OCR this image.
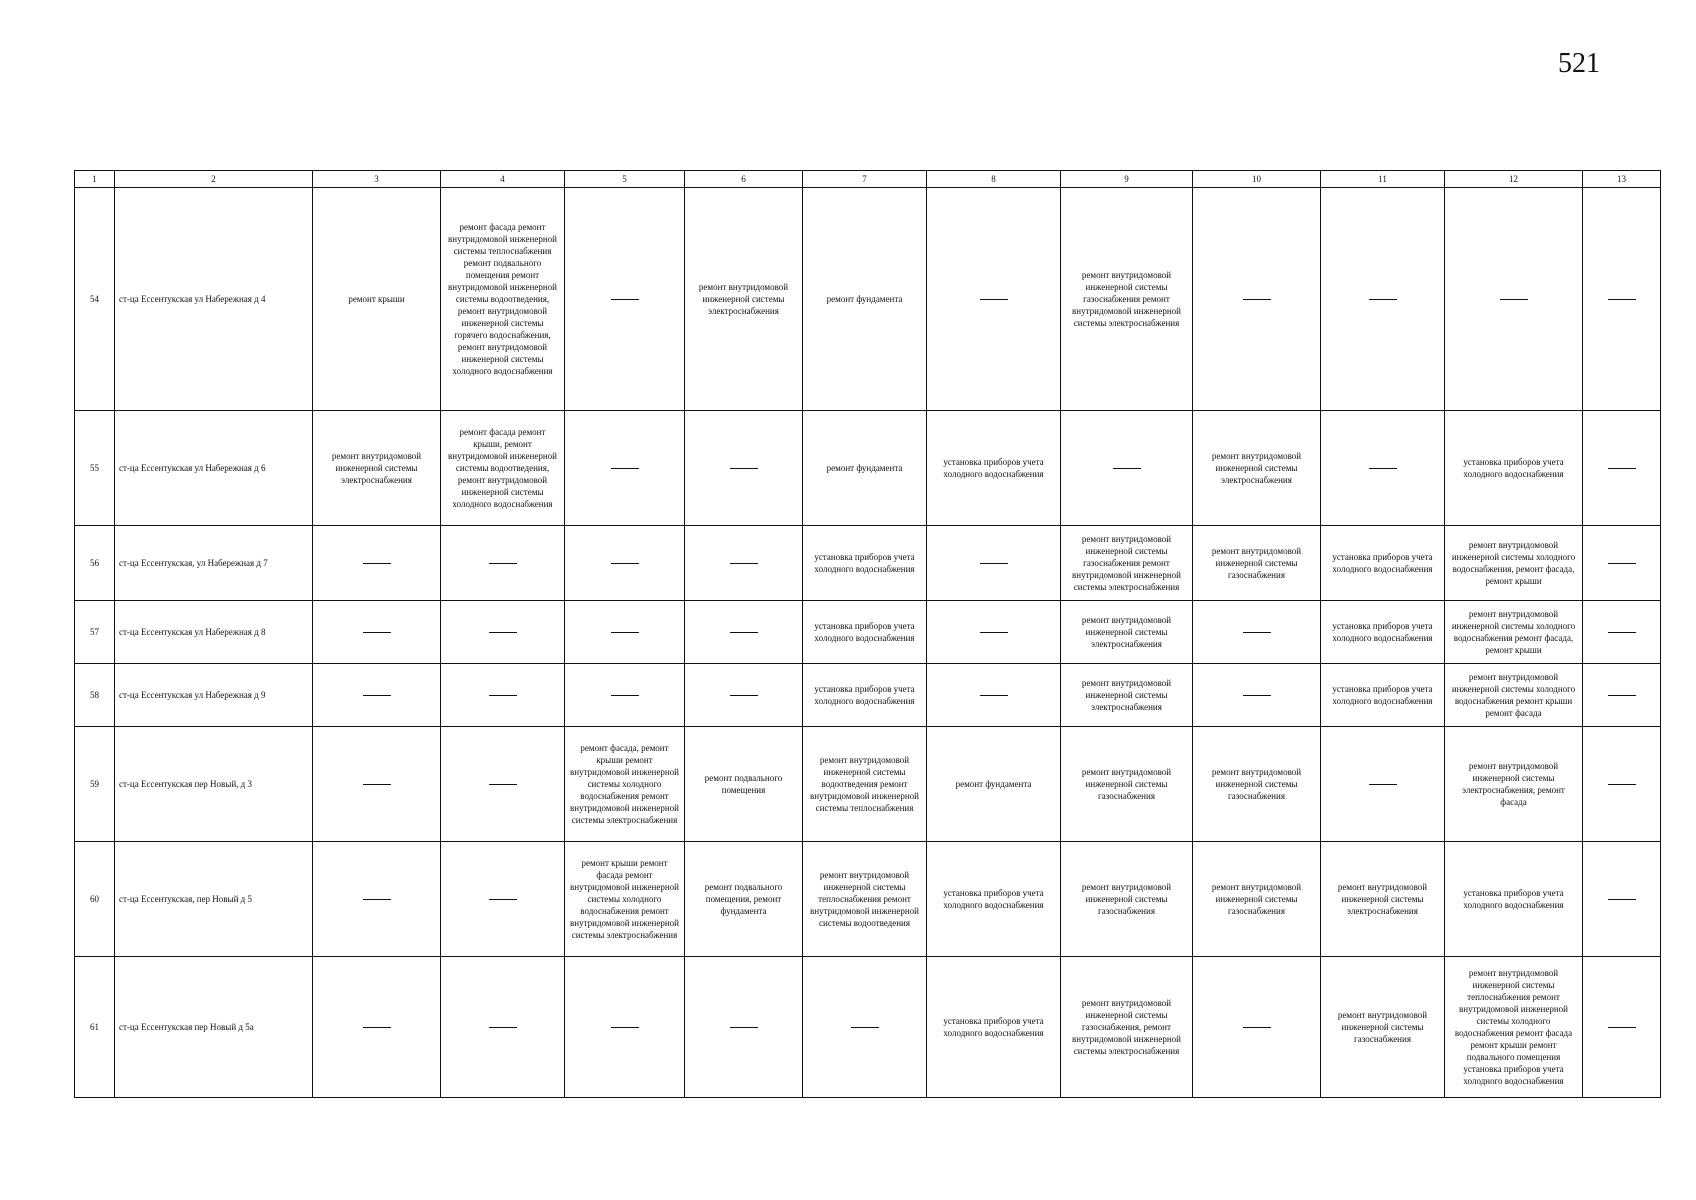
521
1	2	3	4	5	6	7	8	9	10	11	12	13
54	ст-ца Ессентукская ул Набережная д 4	ремонт крыши	ремонт фасада ремонт внутридомовой инженерной системы теплоснабжения ремонт подвального помещения ремонт внутридомовой инженерной системы водоотведения, ремонт внутридомовой инженерной системы горячего водоснабжения, ремонт внутридомовой инженерной системы холодного водоснабжения		ремонт внутридомовой инженерной системы электроснабжения	ремонт фундамента		ремонт внутридомовой инженерной системы газоснабжения ремонт внутридомовой инженерной системы электроснабжения				
55	ст-ца Ессентукская ул Набережная д 6	ремонт внутридомовой инженерной системы электроснабжения	ремонт фасада ремонт крыши, ремонт внутридомовой инженерной системы водоотведения, ремонт внутридомовой инженерной системы холодного водоснабжения			ремонт фундамента	установка приборов учета холодного водоснабжения		ремонт внутридомовой инженерной системы электроснабжения		установка приборов учета холодного водоснабжения	
56	ст-ца Ессентукская, ул Набережная д 7					установка приборов учета холодного водоснабжения		ремонт внутридомовой инженерной системы газоснабжения ремонт внутридомовой инженерной системы электроснабжения	ремонт внутридомовой инженерной системы газоснабжения	установка приборов учета холодного водоснабжения	ремонт внутридомовой инженерной системы холодного водоснабжения, ремонт фасада, ремонт крыши	
57	ст-ца Ессентукская ул Набережная д 8					установка приборов учета холодного водоснабжения		ремонт внутридомовой инженерной системы электроснабжения		установка приборов учета холодного водоснабжения	ремонт внутридомовой инженерной системы холодного водоснабжения ремонт фасада, ремонт крыши	
58	ст-ца Ессентукская ул Набережная д 9					установка приборов учета холодного водоснабжения		ремонт внутридомовой инженерной системы электроснабжения		установка приборов учета холодного водоснабжения	ремонт внутридомовой инженерной системы холодного водоснабжения ремонт крыши ремонт фасада	
59	ст-ца Ессентукская пер Новый, д 3			ремонт фасада, ремонт крыши ремонт внутридомовой инженерной системы холодного водоснабжения ремонт внутридомовой инженерной системы электроснабжения	ремонт подвального помещения	ремонт внутридомовой инженерной системы водоотведения ремонт внутридомовой инженерной системы теплоснабжения	ремонт фундамента	ремонт внутридомовой инженерной системы газоснабжения	ремонт внутридомовой инженерной системы газоснабжения		ремонт внутридомовой инженерной системы электроснабжения, ремонт фасада	
60	ст-ца Ессентукская, пер Новый д 5			ремонт крыши ремонт фасада ремонт внутридомовой инженерной системы холодного водоснабжения ремонт внутридомовой инженерной системы электроснабжения	ремонт подвального помещения, ремонт фундамента	ремонт внутридомовой инженерной системы теплоснабжения ремонт внутридомовой инженерной системы водоотведения	установка приборов учета холодного водоснабжения	ремонт внутридомовой инженерной системы газоснабжения	ремонт внутридомовой инженерной системы газоснабжения	ремонт внутридомовой инженерной системы электроснабжения	установка приборов учета холодного водоснабжения	
61	ст-ца Ессентукская пер Новый д 5а						установка приборов учета холодного водоснабжения	ремонт внутридомовой инженерной системы газоснабжения, ремонт внутридомовой инженерной системы электроснабжения		ремонт внутридомовой инженерной системы газоснабжения	ремонт внутридомовой инженерной системы теплоснабжения ремонт внутридомовой инженерной системы холодного водоснабжения ремонт фасада ремонт крыши ремонт подвального помещения установка приборов учета холодного водоснабжения	
